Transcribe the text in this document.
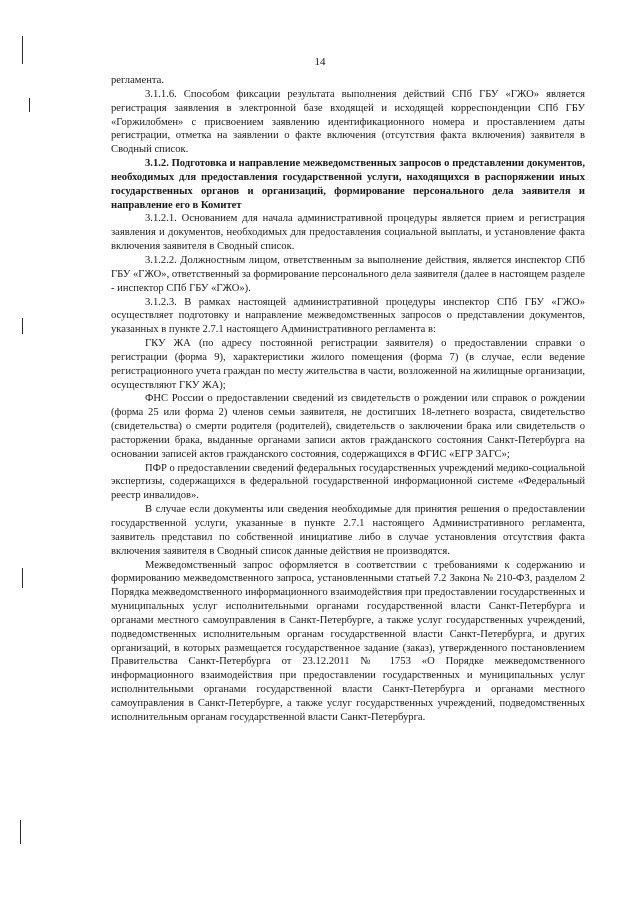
14

регламента.

3.1.1.6. Способом фиксации результата выполнения действий СПб ГБУ «ГЖО» является регистрация заявления в электронной базе входящей и исходящей корреспонденции СПб ГБУ «Горжилобмен» с присвоением заявлению идентификационного номера и проставлением даты регистрации, отметка на заявлении о факте включения (отсутствия факта включения) заявителя в Сводный список.

3.1.2. Подготовка и направление межведомственных запросов о представлении документов, необходимых для предоставления государственной услуги, находящихся в распоряжении иных государственных органов и организаций, формирование персонального дела заявителя и направление его в Комитет

3.1.2.1. Основанием для начала административной процедуры является прием и регистрация заявления и документов, необходимых для предоставления социальной выплаты, и установление факта включения заявителя в Сводный список.

3.1.2.2. Должностным лицом, ответственным за выполнение действия, является инспектор СПб ГБУ «ГЖО», ответственный за формирование персонального дела заявителя (далее в настоящем разделе - инспектор СПб ГБУ «ГЖО»).

3.1.2.3. В рамках настоящей административной процедуры инспектор СПб ГБУ «ГЖО» осуществляет подготовку и направление межведомственных запросов о представлении документов, указанных в пункте 2.7.1 настоящего Административного регламента в:

ГКУ ЖА (по адресу постоянной регистрации заявителя) о предоставлении справки о регистрации (форма 9), характеристики жилого помещения (форма 7) (в случае, если ведение регистрационного учета граждан по месту жительства в части, возложенной на жилищные организации, осуществляют ГКУ ЖА);

ФНС России о предоставлении сведений из свидетельств о рождении или справок о рождении (форма 25 или форма 2) членов семьи заявителя, не достигших 18-летнего возраста, свидетельство (свидетельства) о смерти родителя (родителей), свидетельств о заключении брака или свидетельств о расторжении брака, выданные органами записи актов гражданского состояния Санкт-Петербурга на основании записей актов гражданского состояния, содержащихся в ФГИС «ЕГР ЗАГС»;

ПФР о предоставлении сведений федеральных государственных учреждений медико-социальной экспертизы, содержащихся в федеральной государственной информационной системе «Федеральный реестр инвалидов».

В случае если документы или сведения необходимые для принятия решения о предоставлении государственной услуги, указанные в пункте 2.7.1 настоящего Административного регламента, заявитель представил по собственной инициативе либо в случае установления отсутствия факта включения заявителя в Сводный список данные действия не производятся.

Межведомственный запрос оформляется в соответствии с требованиями к содержанию и формированию межведомственного запроса, установленными статьей 7.2 Закона № 210-ФЗ, разделом 2 Порядка межведомственного информационного взаимодействия при предоставлении государственных и муниципальных услуг исполнительными органами государственной власти Санкт-Петербурга и органами местного самоуправления в Санкт-Петербурге, а также услуг государственных учреждений, подведомственных исполнительным органам государственной власти Санкт-Петербурга, и других организаций, в которых размещается государственное задание (заказ), утвержденного постановлением Правительства Санкт-Петербурга от 23.12.2011 № 1753 «О Порядке межведомственного информационного взаимодействия при предоставлении государственных и муниципальных услуг исполнительными органами государственной власти Санкт-Петербурга и органами местного самоуправления в Санкт-Петербурге, а также услуг государственных учреждений, подведомственных исполнительным органам государственной власти Санкт-Петербурга.
